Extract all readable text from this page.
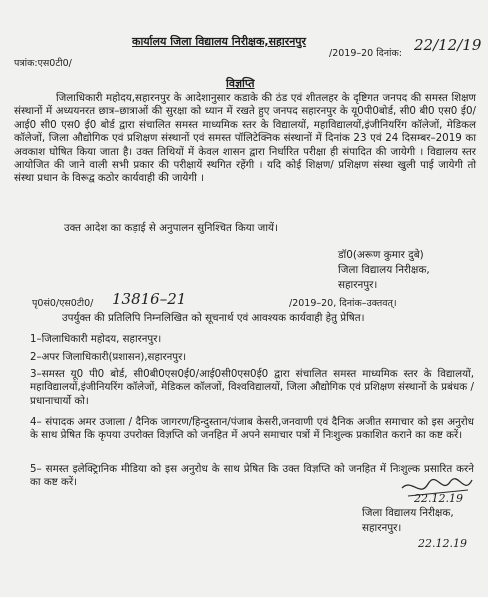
कार्यालय जिला विद्यालय निरीक्षक,सहारनपुर
पत्रांक:एस0टी0/
/2019–20 दिनांक: 22/12/19
विज्ञप्ति

जिलाधिकारी महोदय,सहारनपुर के आदेशानुसार कडाके की ठंड एवं शीतलहर के दृष्टिगत जनपद की समस्त शिक्षण संस्थानों में अध्ययनरत छात्र–छात्राओं की सुरक्षा को ध्यान में रखते हुए जनपद सहारनपुर के यू0पी0बोर्ड, सी0 बी0 एस0 ई0/ आई0 सी0 एस0 ई0 बोर्ड द्वारा संचालित समस्त माध्यमिक स्तर के विद्यालयों, महाविद्यालयों,इंजीनियरिंग कॉलेजों, मेडिकल कॉलेजों, जिला औद्योगिक एवं प्रशिक्षण संस्थानों एवं समस्त पॉलिटेक्निक संस्थानों में दिनांक 23 एवं 24 दिसम्बर–2019 का अवकाश घोषित किया जाता है। उक्त तिथियों में केवल शासन द्वारा निर्धारित परीक्षा ही संपादित की जायेगी । विद्यालय स्तर आयोजित की जाने वाली सभी प्रकार की परीक्षायें स्थगित रहेंगी । यदि कोई शिक्षण/ प्रशिक्षण संस्था खुली पाई जायेगी तो संस्था प्रधान के विरूद्व कठोर कार्यवाही की जायेगी ।

उक्त आदेश का कड़ाई से अनुपालन सुनिश्चित किया जायें।
डॉ0(अरूण कुमार दुबे)
जिला विद्यालय निरीक्षक,
सहारनपुर।
पृ0सं0/एस0टी0/ 13816–21	/2019–20, दिनांक–उक्तवत्।
उपर्युक्त की प्रतिलिपि निम्नलिखित को सूचनार्थ एवं आवश्यक कार्यवाही हेतु प्रेषित।
1–जिलाधिकारी महोदय, सहारनपुर।
2–अपर जिलाधिकारी(प्रशासन),सहारनपुर।

3–समस्त यू0 पी0 बोर्ड, सी0बी0एस0ई0/आई0सी0एस0ई0 द्वारा संचालित समस्त माध्यमिक स्तर के विद्यालयों, महाविद्यालयों,इंजीनियरिंग कॉलेजों, मेडिकल कॉलजों, विश्वविद्यालयों, जिला औद्योगिक एवं प्रशिक्षण संस्थानों के प्रबंधक /प्रधानाचार्यो को।

4– संपादक अमर उजाला / दैनिक जागरण/हिन्दुस्तान/पंजाब केसरी,जनवाणी एवं दैनिक अजीत समाचार को इस अनुरोध के साथ प्रेषित कि कृपया उपरोक्त विज्ञप्ति को जनहित में अपने समाचार पत्रों में निःशुल्क प्रकाशित कराने का कष्ट करें।

5– समस्त इलेक्ट्रिानिक मीडिया को इस अनुरोध के साथ प्रेषित कि उक्त विज्ञप्ति को जनहित में निःशुल्क प्रसारित करने का कष्ट करें।

22.12.19
जिला विद्यालय निरीक्षक,
सहारनपुर।
22.12.19
